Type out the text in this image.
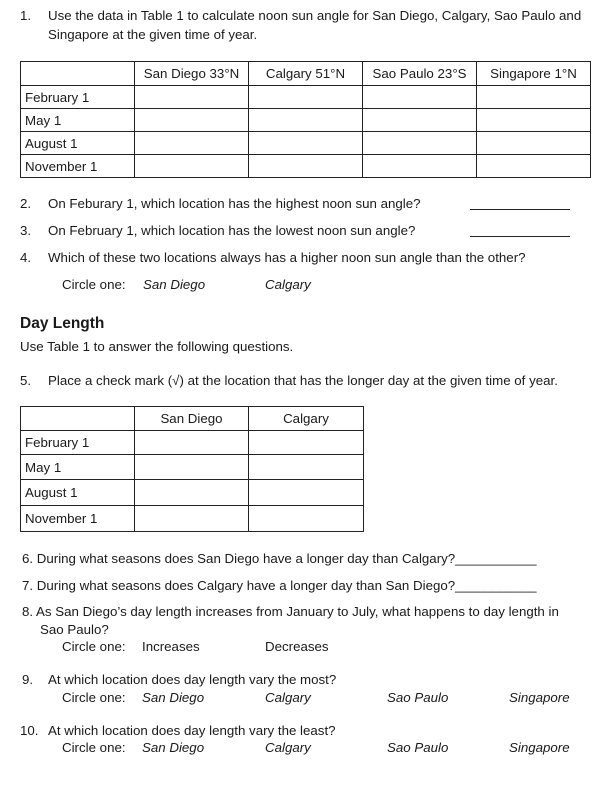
1. Use the data in Table 1 to calculate noon sun angle for San Diego, Calgary, Sao Paulo and
Singapore at the given time of year.
	San Diego 33°N	Calgary 51°N	Sao Paulo 23°S	Singapore 1°N
February 1				
May 1				
August 1				
November 1				
2. On Feburary 1, which location has the highest noon sun angle?
3. On February 1, which location has the lowest noon sun angle?
4. Which of these two locations always has a higher noon sun angle than the other?
Circle one: San Diego	Calgary
Day Length
Use Table 1 to answer the following questions.
5. Place a check mark (√) at the location that has the longer day at the given time of year.
	San Diego	Calgary
February 1		
May 1		
August 1		
November 1		
6. During what seasons does San Diego have a longer day than Calgary?___________
7. During what seasons does Calgary have a longer day than San Diego?___________
8. As San Diego’s day length increases from January to July, what happens to day length in
Sao Paulo?
Circle one: Increases	Decreases
9. At which location does day length vary the most?
Circle one: San Diego	Calgary	Sao Paulo	Singapore
10. At which location does day length vary the least?
Circle one: San Diego	Calgary	Sao Paulo	Singapore
